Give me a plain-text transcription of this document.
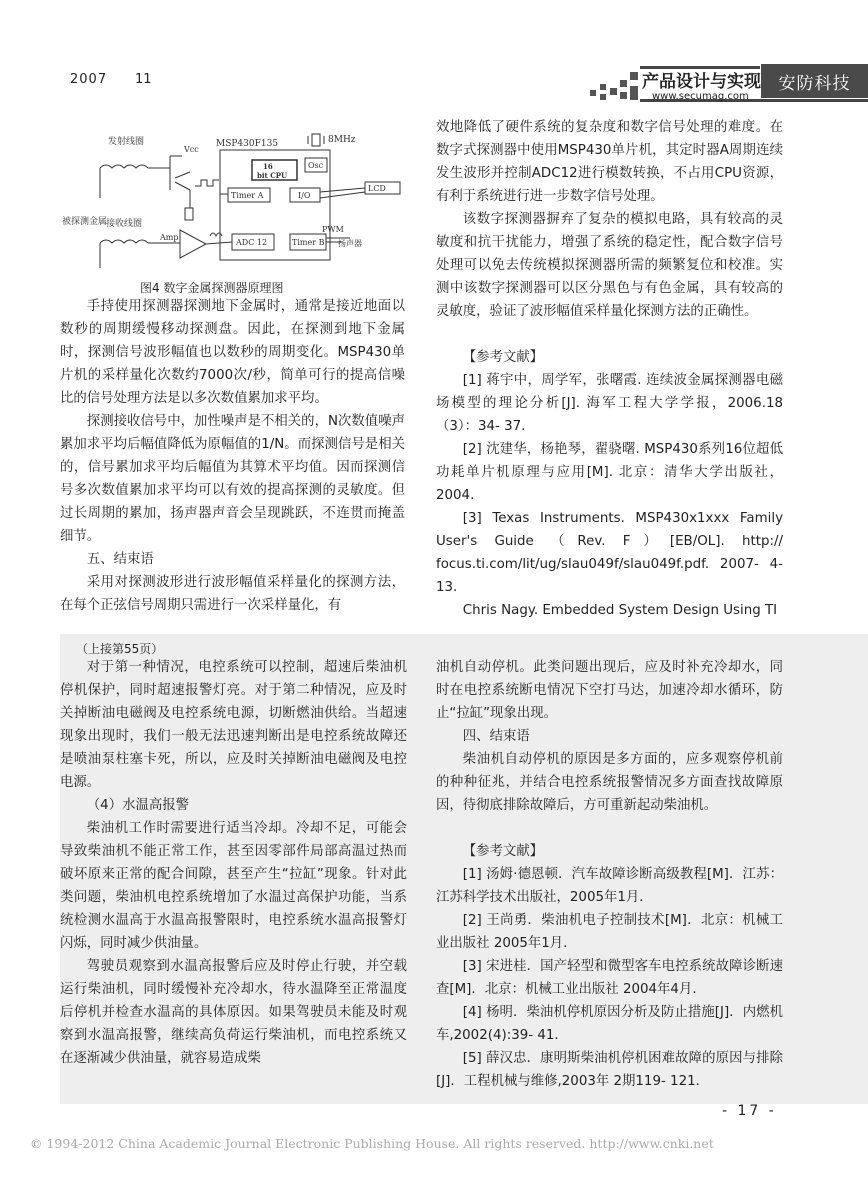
2007 11	产品设计与实现
www.secumag.com
安防科技
MSP430F135	8MHz
16
bit CPU
Osc
Timer A	I/O
LCD
ADC 12	Timer B
PWM
扬声器
发射线圈
Vcc
被探测金属
接收线圈
Amp
图4 数字金属探测器原理图

手持使用探测器探测地下金属时，通常是接近地面以数秒的周期缓慢移动探测盘。因此，在探测到地下金属时，探测信号波形幅值也以数秒的周期变化。MSP430单片机的采样量化次数约7000次/秒，简单可行的提高信噪比的信号处理方法是以多次数值累加求平均。

探测接收信号中，加性噪声是不相关的，N次数值噪声累加求平均后幅值降低为原幅值的1/N。而探测信号是相关的，信号累加求平均后幅值为其算术平均值。因而探测信号多次数值累加求平均可以有效的提高探测的灵敏度。但过长周期的累加，扬声器声音会呈现跳跃，不连贯而掩盖细节。

五、结束语

采用对探测波形进行波形幅值采样量化的探测方法，在每个正弦信号周期只需进行一次采样量化，有

效地降低了硬件系统的复杂度和数字信号处理的难度。在数字式探测器中使用MSP430单片机，其定时器A周期连续发生波形并控制ADC12进行模数转换，不占用CPU资源，有利于系统进行进一步数字信号处理。

该数字探测器摒弃了复杂的模拟电路，具有较高的灵敏度和抗干扰能力，增强了系统的稳定性，配合数字信号处理可以免去传统模拟探测器所需的频繁复位和校准。实测中该数字探测器可以区分黑色与有色金属，具有较高的灵敏度，验证了波形幅值采样量化探测方法的正确性。

【参考文献】

[1] 蒋宇中，周学军，张曙霞. 连续波金属探测器电磁场模型的理论分析[J]. 海军工程大学学报，2006.18（3）：34- 37.

[2] 沈建华，杨艳琴，翟骁曙. MSP430系列16位超低功耗单片机原理与应用[M]. 北京：清华大学出版社，2004.

[3] Texas Instruments. MSP430x1xxx Family User's Guide （Rev. F）[EB/OL]. http:// focus.ti.com/lit/ug/slau049f/slau049f.pdf. 2007- 4- 13.

Chris Nagy. Embedded System Design Using TI

（上接第55页）

对于第一种情况，电控系统可以控制，超速后柴油机停机保护，同时超速报警灯亮。对于第二种情况，应及时关掉断油电磁阀及电控系统电源，切断燃油供给。当超速现象出现时，我们一般无法迅速判断出是电控系统故障还是喷油泵柱塞卡死，所以，应及时关掉断油电磁阀及电控电源。

（4）水温高报警

柴油机工作时需要进行适当冷却。冷却不足，可能会导致柴油机不能正常工作，甚至因零部件局部高温过热而破坏原来正常的配合间隙，甚至产生“拉缸”现象。针对此类问题，柴油机电控系统增加了水温过高保护功能，当系统检测水温高于水温高报警限时，电控系统水温高报警灯闪烁，同时减少供油量。

驾驶员观察到水温高报警后应及时停止行驶，并空载运行柴油机，同时缓慢补充冷却水，待水温降至正常温度后停机并检查水温高的具体原因。如果驾驶员未能及时观察到水温高报警，继续高负荷运行柴油机，而电控系统又在逐渐减少供油量，就容易造成柴

油机自动停机。此类问题出现后，应及时补充冷却水，同时在电控系统断电情况下空打马达，加速冷却水循环，防止“拉缸”现象出现。

四、结束语

柴油机自动停机的原因是多方面的，应多观察停机前的种种征兆，并结合电控系统报警情况多方面查找故障原因，待彻底排除故障后，方可重新起动柴油机。

【参考文献】

[1] 汤姆·德恩顿．汽车故障诊断高级教程[M]．江苏：江苏科学技术出版社，2005年1月．

[2] 王尚勇．柴油机电子控制技术[M]．北京：机械工业出版社 2005年1月．

[3] 宋进桂．国产轻型和微型客车电控系统故障诊断速查[M]．北京：机械工业出版社 2004年4月．

[4] 杨明．柴油机停机原因分析及防止措施[J]．内燃机车,2002(4):39- 41．

[5] 薛汉忠．康明斯柴油机停机困难故障的原因与排除[J]．工程机械与维修,2003年 2期119- 121．

- 17 -
© 1994-2012 China Academic Journal Electronic Publishing House. All rights reserved. http://www.cnki.net
